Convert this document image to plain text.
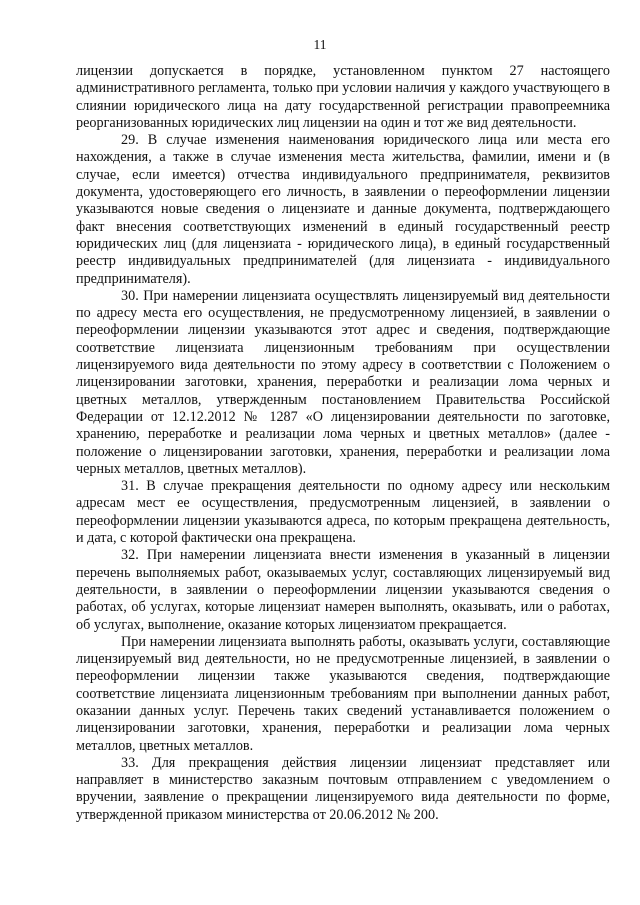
11

лицензии допускается в порядке, установленном пунктом 27 настоящего административного регламента, только при условии наличия у каждого участвующего в слиянии юридического лица на дату государственной регистрации правопреемника реорганизованных юридических лиц лицензии на один и тот же вид деятельности.

29. В случае изменения наименования юридического лица или места его нахождения, а также в случае изменения места жительства, фамилии, имени и (в случае, если имеется) отчества индивидуального предпринимателя, реквизитов документа, удостоверяющего его личность, в заявлении о переоформлении лицензии указываются новые сведения о лицензиате и данные документа, подтверждающего факт внесения соответствующих изменений в единый государственный реестр юридических лиц (для лицензиата - юридического лица), в единый государственный реестр индивидуальных предпринимателей (для лицензиата - индивидуального предпринимателя).

30. При намерении лицензиата осуществлять лицензируемый вид деятельности по адресу места его осуществления, не предусмотренному лицензией, в заявлении о переоформлении лицензии указываются этот адрес и сведения, подтверждающие соответствие лицензиата лицензионным требованиям при осуществлении лицензируемого вида деятельности по этому адресу в соответствии с Положением о лицензировании заготовки, хранения, переработки и реализации лома черных и цветных металлов, утвержденным постановлением Правительства Российской Федерации от 12.12.2012 № 1287 «О лицензировании деятельности по заготовке, хранению, переработке и реализации лома черных и цветных металлов» (далее - положение о лицензировании заготовки, хранения, переработки и реализации лома черных металлов, цветных металлов).

31. В случае прекращения деятельности по одному адресу или нескольким адресам мест ее осуществления, предусмотренным лицензией, в заявлении о переоформлении лицензии указываются адреса, по которым прекращена деятельность, и дата, с которой фактически она прекращена.

32. При намерении лицензиата внести изменения в указанный в лицензии перечень выполняемых работ, оказываемых услуг, составляющих лицензируемый вид деятельности, в заявлении о переоформлении лицензии указываются сведения о работах, об услугах, которые лицензиат намерен выполнять, оказывать, или о работах, об услугах, выполнение, оказание которых лицензиатом прекращается.

При намерении лицензиата выполнять работы, оказывать услуги, составляющие лицензируемый вид деятельности, но не предусмотренные лицензией, в заявлении о переоформлении лицензии также указываются сведения, подтверждающие соответствие лицензиата лицензионным требованиям при выполнении данных работ, оказании данных услуг. Перечень таких сведений устанавливается положением о лицензировании заготовки, хранения, переработки и реализации лома черных металлов, цветных металлов.

33. Для прекращения действия лицензии лицензиат представляет или направляет в министерство заказным почтовым отправлением с уведомлением о вручении, заявление о прекращении лицензируемого вида деятельности по форме, утвержденной приказом министерства от 20.06.2012 № 200.
